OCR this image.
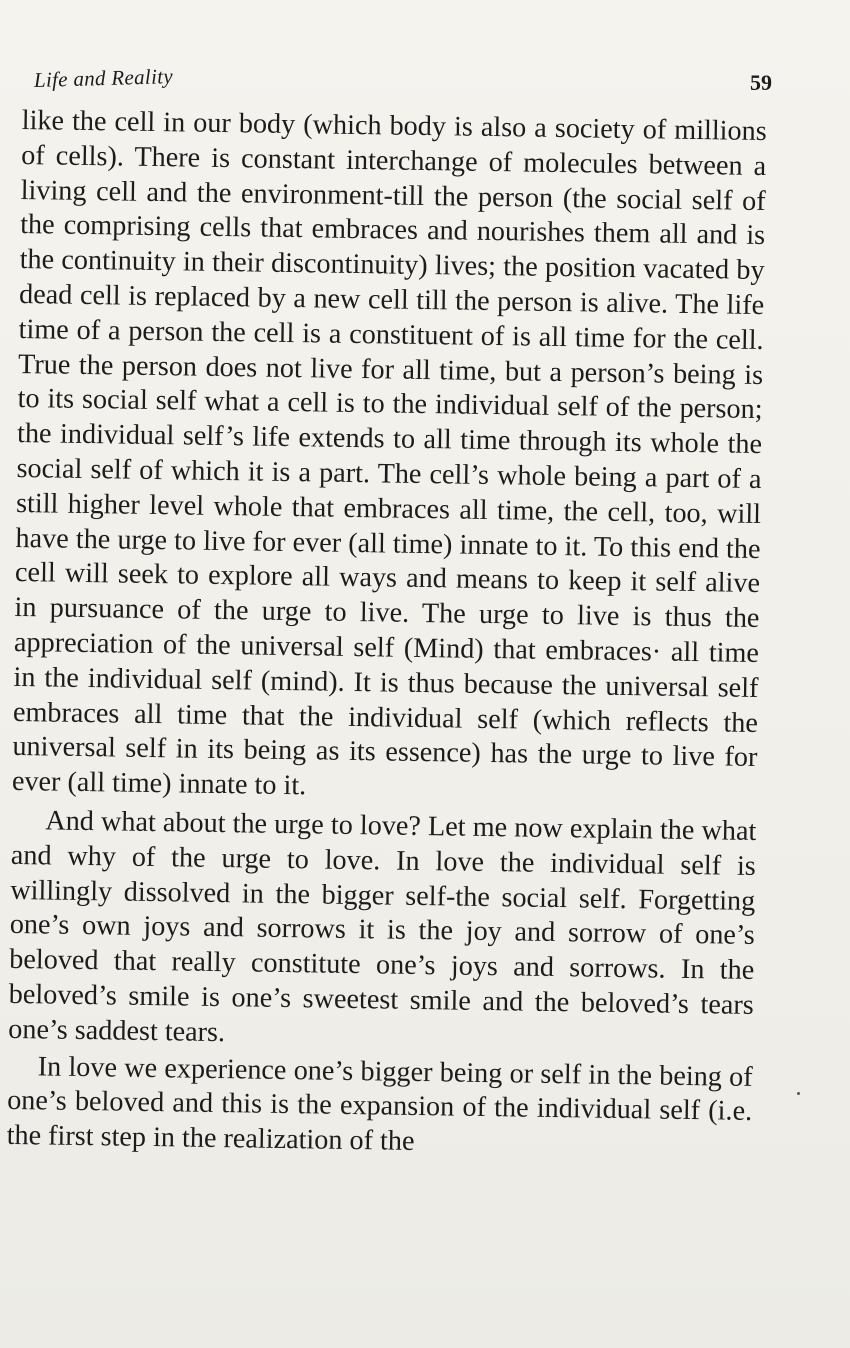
Life and Reality	59

like the cell in our body (which body is also a society of millions of cells). There is constant interchange of molecules between a living cell and the environment-till the person (the social self of the comprising cells that embraces and nourishes them all and is the continuity in their discontinuity) lives; the position vacated by dead cell is replaced by a new cell till the person is alive. The life time of a person the cell is a constituent of is all time for the cell. True the person does not live for all time, but a person’s being is to its social self what a cell is to the individual self of the person; the individual self’s life extends to all time through its whole the social self of which it is a part. The cell’s whole being a part of a still higher level whole that embraces all time, the cell, too, will have the urge to live for ever (all time) innate to it. To this end the cell will seek to explore all ways and means to keep it self alive in pursuance of the urge to live. The urge to live is thus the appreciation of the universal self (Mind) that embraces· all time in the individual self (mind). It is thus because the universal self embraces all time that the individual self (which reflects the universal self in its being as its essence) has the urge to live for ever (all time) innate to it.

And what about the urge to love? Let me now explain the what and why of the urge to love. In love the individual self is willingly dissolved in the bigger self-the social self. Forgetting one’s own joys and sorrows it is the joy and sorrow of one’s beloved that really constitute one’s joys and sorrows. In the beloved’s smile is one’s sweetest smile and the beloved’s tears one’s saddest tears.

In love we experience one’s bigger being or self in the being of one’s beloved and this is the expansion of the individual self (i.e. the first step in the realization of the
